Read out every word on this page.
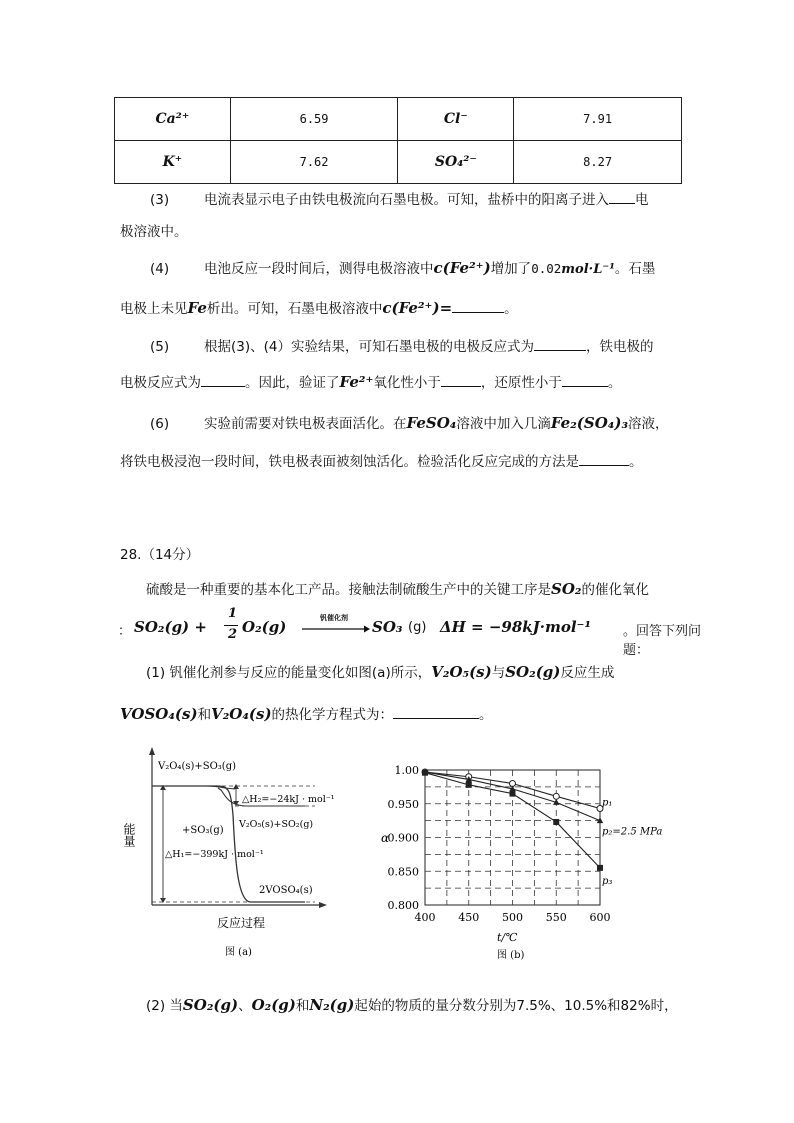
Ca²⁺	6.59	Cl⁻	7.91
K⁺	7.62	SO₄²⁻	8.27
(3)	电流表显示电子由铁电极流向石墨电极。可知，盐桥中的阳离子进入 电
极溶液中。
(4)	电池反应一段时间后，测得电极溶液中c(Fe²⁺)增加了0.02mol·L⁻¹。石墨
电极上未见Fe析出。可知，石墨电极溶液中c(Fe²⁺)=	。
(5)	根据(3)、(4）实验结果，可知石墨电极的电极反应式为	，铁电极的
电极反应式为	。因此，验证了Fe²⁺氧化性小于	，还原性小于	。
(6)	实验前需要对铁电极表面活化。在FeSO₄溶液中加入几滴Fe₂(SO₄)₃溶液，
将铁电极浸泡一段时间，铁电极表面被刻蚀活化。检验活化反应完成的方法是	。
28.（14分）
硫酸是一种重要的基本化工产品。接触法制硫酸生产中的关键工序是SO₂的催化氧化
： SO₂(g) +
1
2 O₂(g)	钒催化剂	SO₃ (g) ΔH = −98kJ·mol⁻¹ 。回答下列问题：
(1) 钒催化剂参与反应的能量变化如图(a)所示，V₂O₅(s)与SO₂(g)反应生成
VOSO₄(s)和V₂O₄(s)的热化学方程式为：	。
V₂O₄(s)+SO₃(g)
△H₂=−24kJ · mol⁻¹
V₂O₅(s)+SO₂(g)
+SO₃(g)
△H₁=−399kJ · mol⁻¹
2VOSO₄(s)
能量
反应过程
图 (a)
400 450 500 550 600
1.00
0.950
0.900
0.850
0.800
p₁
p₂=2.5 MPa
p₃
α
t/℃
图 (b)
(2) 当SO₂(g)、O₂(g)和N₂(g)起始的物质的量分数分别为7.5%、10.5%和82%时，
